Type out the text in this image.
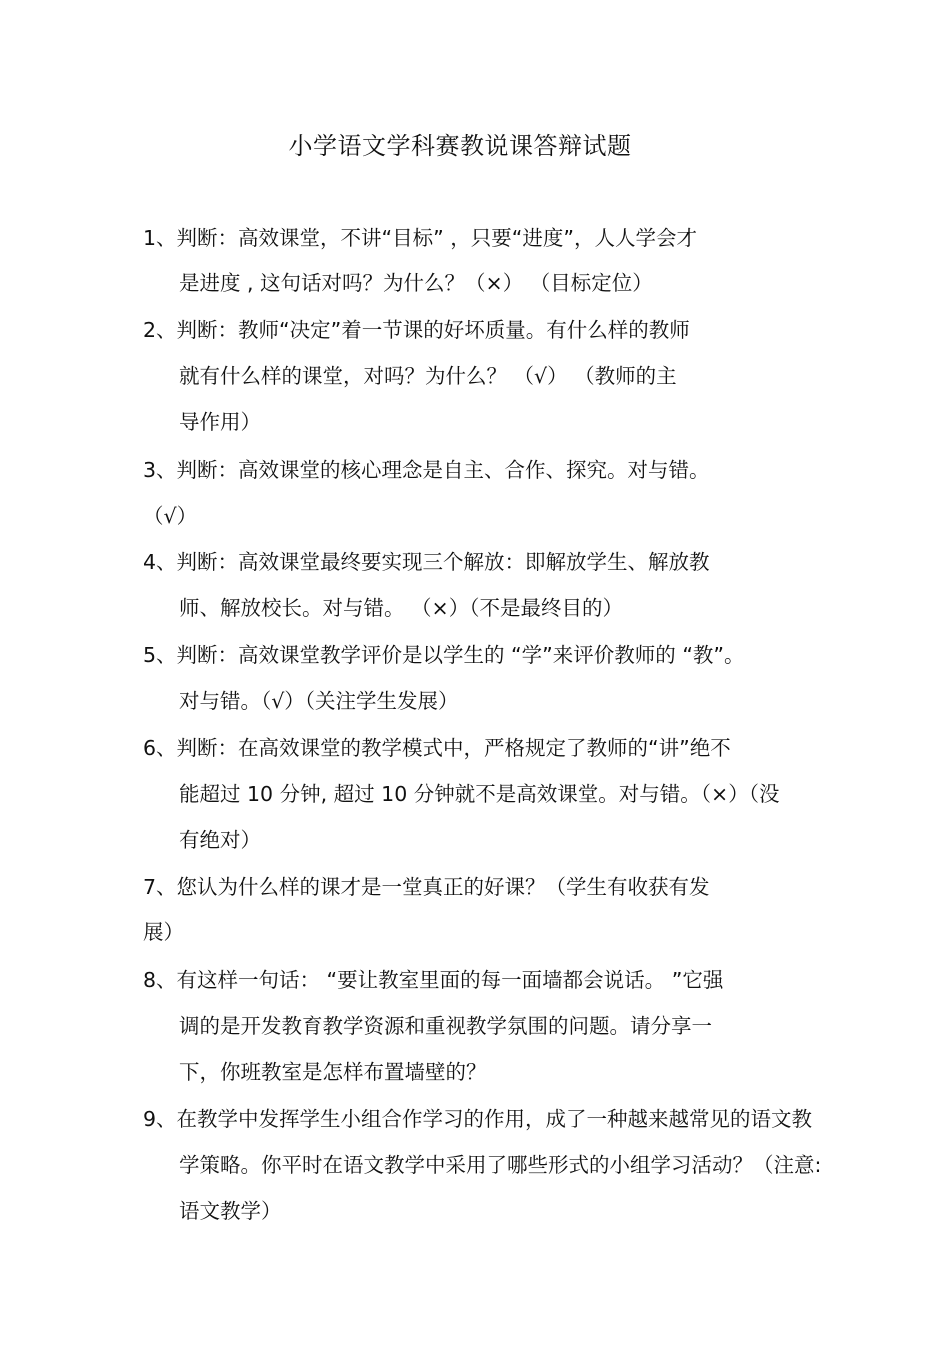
小学语文学科赛教说课答辩试题
1、判断：高效课堂，不讲“目标” ，只要“进度”，人人学会才
是进度 , 这句话对吗？为什么？（×） （目标定位）
2、判断：教师“决定”着一节课的好坏质量。有什么样的教师
就有什么样的课堂，对吗？为什么？ （√） （教师的主
导作用）
3、判断：高效课堂的核心理念是自主、合作、探究。对与错。
（√）
4、判断：高效课堂最终要实现三个解放：即解放学生、解放教
师、解放校长。对与错。 （×）（不是最终目的）
5、判断：高效课堂教学评价是以学生的 “学”来评价教师的 “教”。
对与错。（√）（关注学生发展）
6、判断：在高效课堂的教学模式中，严格规定了教师的“讲”绝不
能超过 10 分钟, 超过 10 分钟就不是高效课堂。对与错。（×）（没
有绝对）
7、您认为什么样的课才是一堂真正的好课？（学生有收获有发
展）
8、有这样一句话： “要让教室里面的每一面墙都会说话。 ”它强
调的是开发教育教学资源和重视教学氛围的问题。请分享一
下，你班教室是怎样布置墙壁的？
9、在教学中发挥学生小组合作学习的作用，成了一种越来越常见的语文教
学策略。你平时在语文教学中采用了哪些形式的小组学习活动？（注意:
语文教学）
